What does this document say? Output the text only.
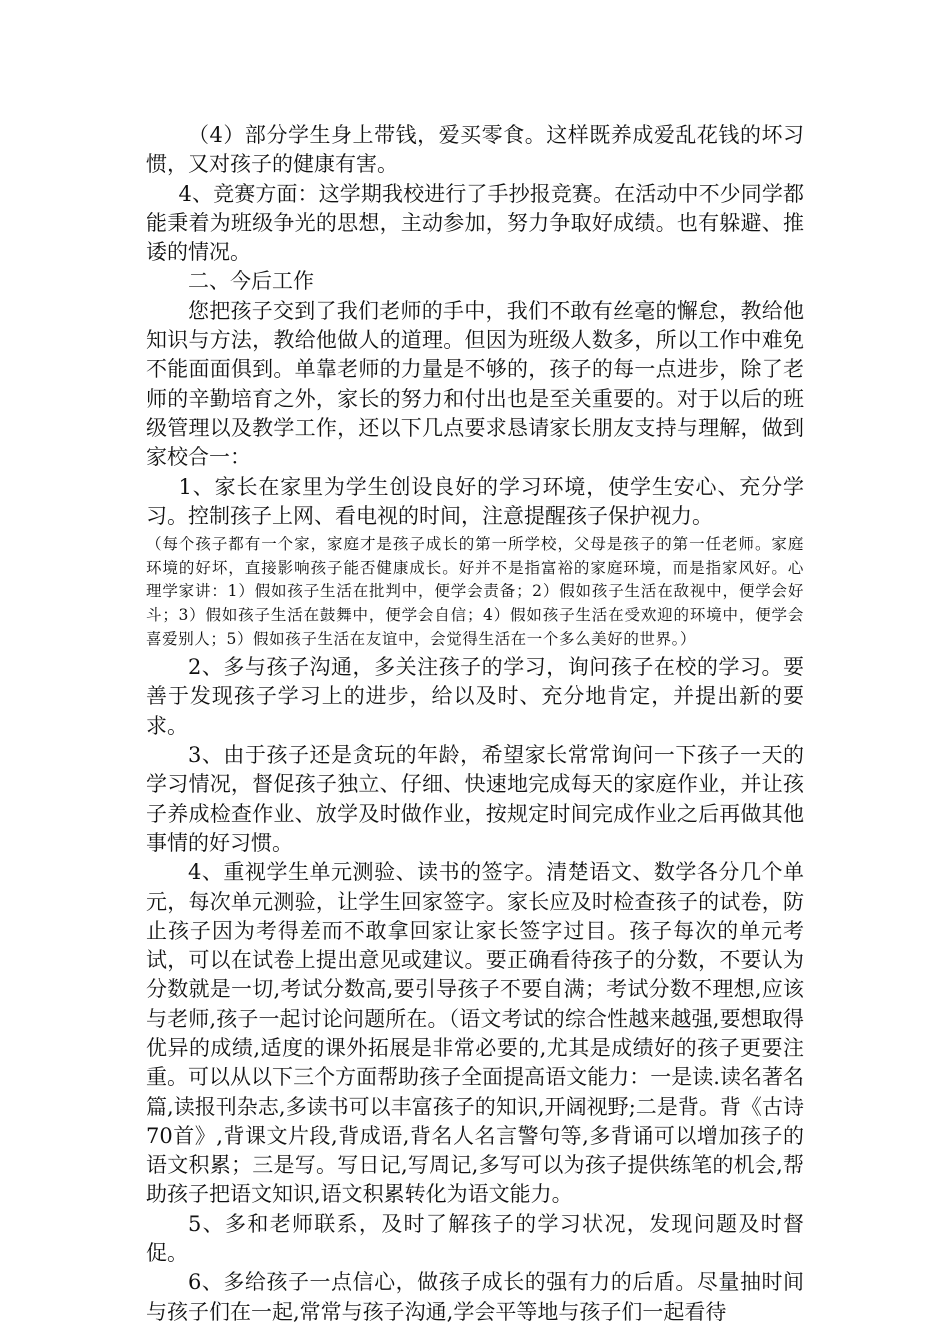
（4）部分学生身上带钱，爱买零食。这样既养成爱乱花钱的坏习惯，又对孩子的健康有害。

4、竞赛方面：这学期我校进行了手抄报竞赛。在活动中不少同学都能秉着为班级争光的思想，主动参加，努力争取好成绩。也有躲避、推诿的情况。

二、今后工作

您把孩子交到了我们老师的手中，我们不敢有丝毫的懈怠，教给他知识与方法，教给他做人的道理。但因为班级人数多，所以工作中难免不能面面俱到。单靠老师的力量是不够的，孩子的每一点进步，除了老师的辛勤培育之外，家长的努力和付出也是至关重要的。对于以后的班级管理以及教学工作，还以下几点要求恳请家长朋友支持与理解，做到家校合一：

1、家长在家里为学生创设良好的学习环境，使学生安心、充分学习。控制孩子上网、看电视的时间，注意提醒孩子保护视力。

（每个孩子都有一个家，家庭才是孩子成长的第一所学校，父母是孩子的第一任老师。家庭环境的好坏，直接影响孩子能否健康成长。好并不是指富裕的家庭环境，而是指家风好。心理学家讲：1）假如孩子生活在批判中，便学会责备；2）假如孩子生活在敌视中，便学会好斗；3）假如孩子生活在鼓舞中，便学会自信；4）假如孩子生活在受欢迎的环境中，便学会喜爱别人；5）假如孩子生活在友谊中，会觉得生活在一个多么美好的世界。）

2、多与孩子沟通，多关注孩子的学习，询问孩子在校的学习。要善于发现孩子学习上的进步，给以及时、充分地肯定，并提出新的要求。

3、由于孩子还是贪玩的年龄，希望家长常常询问一下孩子一天的学习情况，督促孩子独立、仔细、快速地完成每天的家庭作业，并让孩子养成检查作业、放学及时做作业，按规定时间完成作业之后再做其他事情的好习惯。

4、重视学生单元测验、读书的签字。清楚语文、数学各分几个单元，每次单元测验，让学生回家签字。家长应及时检查孩子的试卷，防止孩子因为考得差而不敢拿回家让家长签字过目。孩子每次的单元考试，可以在试卷上提出意见或建议。要正确看待孩子的分数，不要认为分数就是一切,考试分数高,要引导孩子不要自满；考试分数不理想,应该与老师,孩子一起讨论问题所在。（语文考试的综合性越来越强,要想取得优异的成绩,适度的课外拓展是非常必要的,尤其是成绩好的孩子更要注重。可以从以下三个方面帮助孩子全面提高语文能力：一是读.读名著名篇,读报刊杂志,多读书可以丰富孩子的知识,开阔视野;二是背。背《古诗70首》,背课文片段,背成语,背名人名言警句等,多背诵可以增加孩子的语文积累；三是写。写日记,写周记,多写可以为孩子提供练笔的机会,帮助孩子把语文知识,语文积累转化为语文能力。

5、多和老师联系，及时了解孩子的学习状况，发现问题及时督促。

6、多给孩子一点信心，做孩子成长的强有力的后盾。尽量抽时间与孩子们在一起,常常与孩子沟通,学会平等地与孩子们一起看待
